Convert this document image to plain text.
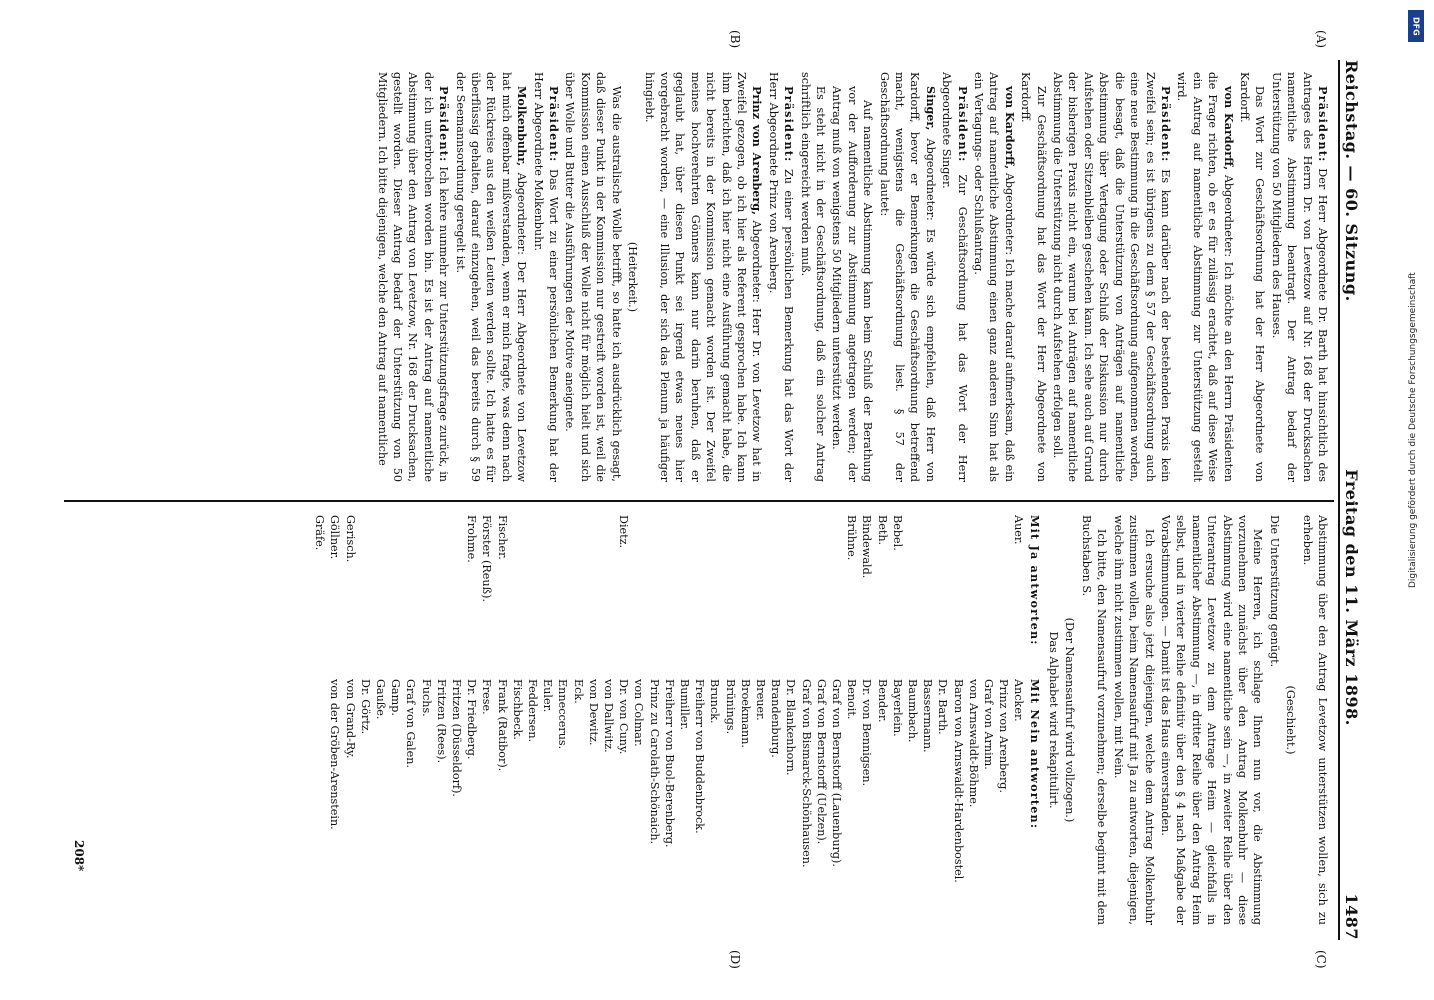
Reichstag. — 60. Sitzung.
Freitag den 11. März 1898.
1487
(A)
(B)
(C)
(D)

Präsident: Der Herr Abgeordnete Dr. Barth hat hinsichtlich des Antrages des Herrn Dr. von Levetzow auf Nr. 168 der Drucksachen namentliche Abstimmung beantragt. Der Antrag bedarf der Unterstützung von 50 Mitgliedern des Hauses.

Das Wort zur Geschäftsordnung hat der Herr Abgeordnete von Kardorff.

von Kardorff, Abgeordneter: Ich möchte an den Herrn Präsidenten die Frage richten, ob er es für zulässig erachtet, daß auf diese Weise ein Antrag auf namentliche Abstimmung zur Unterstützung gestellt wird.

Präsident: Es kann darüber nach der bestehenden Praxis kein Zweifel sein; es ist übrigens zu dem § 57 der Geschäftsordnung auch eine neue Bestimmung in die Geschäftsordnung aufgenommen worden, die besagt, daß die Unterstützung von Anträgen auf namentliche Abstimmung über Vertagung oder Schluß der Diskussion nur durch Aufstehen oder Sitzenbleiben geschehen kann. Ich sehe auch auf Grund der bisherigen Praxis nicht ein, warum bei Anträgen auf namentliche Abstimmung die Unterstützung nicht durch Aufstehen erfolgen soll.

Zur Geschäftsordnung hat das Wort der Herr Abgeordnete von Kardorff.

von Kardorff, Abgeordneter: Ich mache darauf aufmerksam, daß ein Antrag auf namentliche Abstimmung einen ganz anderen Sinn hat als ein Vertagungs- oder Schlußantrag.

Präsident: Zur Geschäftsordnung hat das Wort der Herr Abgeordnete Singer.

Singer, Abgeordneter: Es würde sich empfehlen, daß Herr von Kardorff, bevor er Bemerkungen die Geschäftsordnung betreffend macht, wenigstens die Geschäftsordnung liest. § 57 der Geschäftsordnung lautet:

Auf namentliche Abstimmung kann beim Schluß der Berathung vor der Aufforderung zur Abstimmung angetragen werden; der Antrag muß von wenigstens 50 Mitgliedern unterstützt werden.

Es steht nicht in der Geschäftsordnung, daß ein solcher Antrag schriftlich eingereicht werden muß.

Präsident: Zu einer persönlichen Bemerkung hat das Wort der Herr Abgeordnete Prinz von Arenberg.

Prinz von Arenberg, Abgeordneter: Herr Dr. von Levetzow hat in Zweifel gezogen, ob ich hier als Referent gesprochen habe. Ich kann ihm berichten, daß ich hier nicht eine Ausführung gemacht habe, die nicht bereits in der Kommission gemacht worden ist. Der Zweifel meines hochverehrten Gönners kann nur darin beruhen, daß er geglaubt hat, über diesen Punkt sei irgend etwas neues hier vorgebracht worden, — eine Illusion, der sich das Plenum ja häufiger hingiebt.

(Heiterkeit.)

Was die australische Wolle betrifft, so hatte ich ausdrücklich gesagt, daß dieser Punkt in der Kommission nur gestreift worden ist, weil die Kommission einen Ausschluß der Wolle nicht für möglich hielt und sich über Wolle und Butter die Ausführungen der Motive aneignete.

Präsident: Das Wort zu einer persönlichen Bemerkung hat der Herr Abgeordnete Molkenbuhr.

Molkenbuhr, Abgeordneter: Der Herr Abgeordnete von Levetzow hat mich offenbar mißverstanden, wenn er mich fragte, was denn nach der Rückreise aus den weißen Leuten werden sollte. Ich hatte es für überflüssig gehalten, darauf einzugehen, weil das bereits durch § 59 der Seemannsordnung geregelt ist.

Präsident: Ich kehre nunmehr zur Unterstützungsfrage zurück, in der ich unterbrochen worden bin. Es ist der Antrag auf namentliche Abstimmung über den Antrag von Levetzow, Nr. 168 der Drucksachen, gestellt worden. Dieser Antrag bedarf der Unterstützung von 50 Mitgliedern. Ich bitte diejenigen, welche den Antrag auf namentliche

Abstimmung über den Antrag Levetzow unterstützen wollen, sich zu erheben.

(Geschieht.)

Die Unterstützung genügt.

Meine Herren, ich schlage Ihnen nun vor, die Abstimmung vorzunehmen zunächst über den Antrag Molkenbuhr — diese Abstimmung wird eine namentliche sein —, in zweiter Reihe über den Unterantrag Levetzow zu dem Antrage Heim — gleichfalls in namentlicher Abstimmung —, in dritter Reihe über den Antrag Heim selbst, und in vierter Reihe definitiv über den § 4 nach Maßgabe der Vorabstimmungen. — Damit ist das Haus einverstanden.

Ich ersuche also jetzt diejenigen, welche dem Antrag Molkenbuhr zustimmen wollen, beim Namensaufruf mit Ja zu antworten, diejenigen, welche ihm nicht zustimmen wollen, mit Nein.

Ich bitte, den Namensaufruf vorzunehmen; derselbe beginnt mit dem Buchstaben S.

(Der Namensaufruf wird vollzogen.)

Das Alphabet wird rekapitulirt.

Mit Ja antworten:
Auer.

Bebel.
Beth.
Bindewald.
Brühne.

Dietz.

Fischer.
Förster (Reuß).
Frohme.

Gerisch.
Göllner.
Gräfe.
Mit Nein antworten:
Ancker.
Prinz von Arenberg.
Graf von Arnim.
von Arnswaldt-Böhme.
Baron von Arnswaldt-Hardenbostel.
Dr. Barth.
Bassermann.
Baumbach.
Bayerlein.
Bender.
Dr. von Bennigsen.
Benoit.
Graf von Bernstorff (Lauenburg).
Graf von Bernstorff (Uelzen).
Graf von Bismarck-Schönhausen.
Dr. Blankenhorn.
Brandenburg.
Breuer.
Broekmann.
Brünings.
Brunck.
Freiherr von Buddenbrock.
Bumiller.
Freiherr von Buol-Berenberg.
Prinz zu Carolath-Schönaich.
von Colmar.
Dr. von Cuny.
von Dallwitz.
von Dewitz.
Eck.
Enneccerus.
Euler.
Feddersen.
Fischbeck.
Frank (Ratibor).
Frese.
Dr. Friedberg.
Fritzen (Düsseldorf).
Fritzen (Rees).
Fuchs.
Graf von Galen.
Gamp.
Gauße.
Dr. Görtz.
von Grand-Ry.
von der Gröben-Arenstein.
208*
DFG
Digitalisierung gefördert durch die Deutsche Forschungsgemeinschaft
